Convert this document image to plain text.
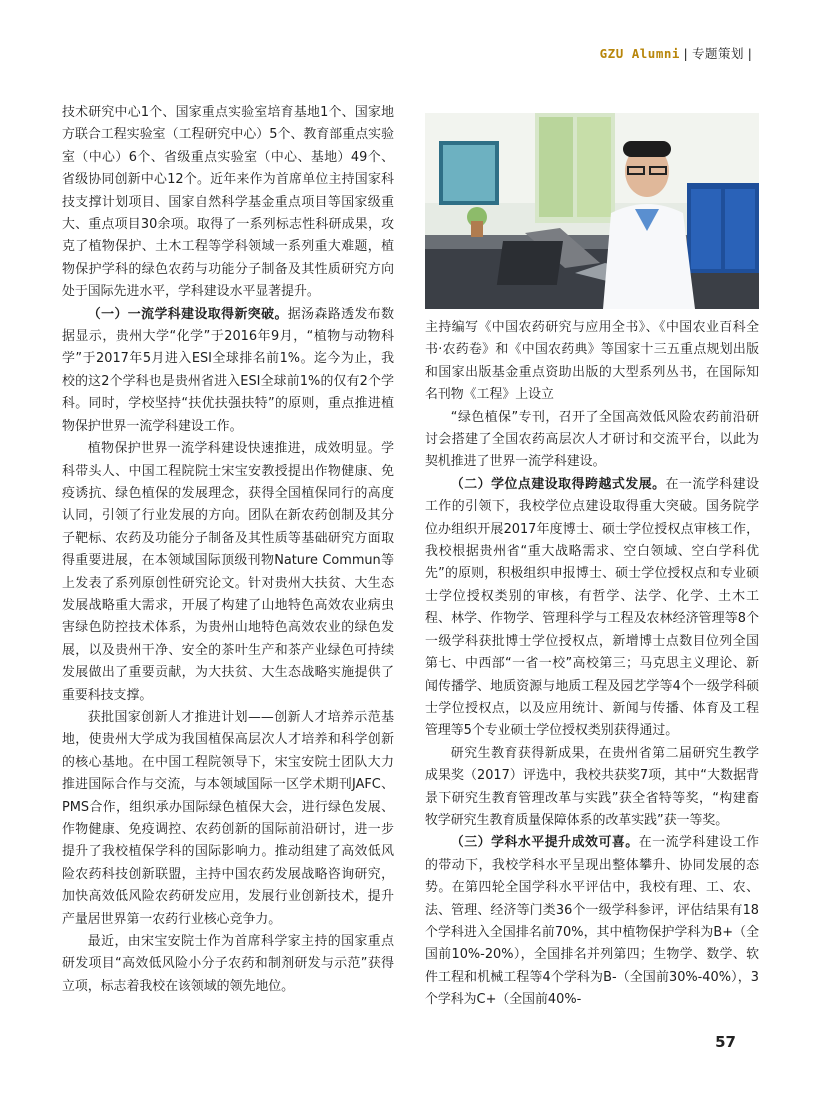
GZU Alumni | 专题策划 |

技术研究中心1个、国家重点实验室培育基地1个、国家地方联合工程实验室（工程研究中心）5个、教育部重点实验室（中心）6个、省级重点实验室（中心、基地）49个、省级协同创新中心12个。近年来作为首席单位主持国家科技支撑计划项目、国家自然科学基金重点项目等国家级重大、重点项目30余项。取得了一系列标志性科研成果，攻克了植物保护、土木工程等学科领域一系列重大难题，植物保护学科的绿色农药与功能分子制备及其性质研究方向处于国际先进水平，学科建设水平显著提升。

（一）一流学科建设取得新突破。据汤森路透发布数据显示，贵州大学“化学”于2016年9月，“植物与动物科学”于2017年5月进入ESI全球排名前1%。迄今为止，我校的这2个学科也是贵州省进入ESI全球前1%的仅有2个学科。同时，学校坚持“扶优扶强扶特”的原则，重点推进植物保护世界一流学科建设工作。

植物保护世界一流学科建设快速推进，成效明显。学科带头人、中国工程院院士宋宝安教授提出作物健康、免疫诱抗、绿色植保的发展理念，获得全国植保同行的高度认同，引领了行业发展的方向。团队在新农药创制及其分子靶标、农药及功能分子制备及其性质等基础研究方面取得重要进展，在本领域国际顶级刊物Nature Commun等上发表了系列原创性研究论文。针对贵州大扶贫、大生态发展战略重大需求，开展了构建了山地特色高效农业病虫害绿色防控技术体系，为贵州山地特色高效农业的绿色发展，以及贵州干净、安全的茶叶生产和茶产业绿色可持续发展做出了重要贡献，为大扶贫、大生态战略实施提供了重要科技支撑。

获批国家创新人才推进计划——创新人才培养示范基地，使贵州大学成为我国植保高层次人才培养和科学创新的核心基地。在中国工程院领导下，宋宝安院士团队大力推进国际合作与交流，与本领域国际一区学术期刊JAFC、PMS合作，组织承办国际绿色植保大会，进行绿色发展、作物健康、免疫调控、农药创新的国际前沿研讨，进一步提升了我校植保学科的国际影响力。推动组建了高效低风险农药科技创新联盟，主持中国农药发展战略咨询研究，加快高效低风险农药研发应用，发展行业创新技术，提升产量居世界第一农药行业核心竞争力。

最近，由宋宝安院士作为首席科学家主持的国家重点研发项目“高效低风险小分子农药和制剂研发与示范”获得立项，标志着我校在该领域的领先地位。

主持编写《中国农药研究与应用全书》、《中国农业百科全书·农药卷》和《中国农药典》等国家十三五重点规划出版和国家出版基金重点资助出版的大型系列丛书，在国际知名刊物《工程》上设立

“绿色植保”专刊，召开了全国高效低风险农药前沿研讨会搭建了全国农药高层次人才研讨和交流平台，以此为契机推进了世界一流学科建设。

（二）学位点建设取得跨越式发展。在一流学科建设工作的引领下，我校学位点建设取得重大突破。国务院学位办组织开展2017年度博士、硕士学位授权点审核工作，我校根据贵州省“重大战略需求、空白领域、空白学科优先”的原则，积极组织申报博士、硕士学位授权点和专业硕士学位授权类别的审核，有哲学、法学、化学、土木工程、林学、作物学、管理科学与工程及农林经济管理等8个一级学科获批博士学位授权点，新增博士点数目位列全国第七、中西部“一省一校”高校第三；马克思主义理论、新闻传播学、地质资源与地质工程及园艺学等4个一级学科硕士学位授权点，以及应用统计、新闻与传播、体育及工程管理等5个专业硕士学位授权类别获得通过。

研究生教育获得新成果，在贵州省第二届研究生教学成果奖（2017）评选中，我校共获奖7项，其中“大数据背景下研究生教育管理改革与实践”获全省特等奖，“构建畜牧学研究生教育质量保障体系的改革实践”获一等奖。

（三）学科水平提升成效可喜。在一流学科建设工作的带动下，我校学科水平呈现出整体攀升、协同发展的态势。在第四轮全国学科水平评估中，我校有理、工、农、法、管理、经济等门类36个一级学科参评，评估结果有18个学科进入全国排名前70%，其中植物保护学科为B+（全国前10%-20%），全国排名并列第四；生物学、数学、软件工程和机械工程等4个学科为B-（全国前30%-40%），3个学科为C+（全国前40%-

57
